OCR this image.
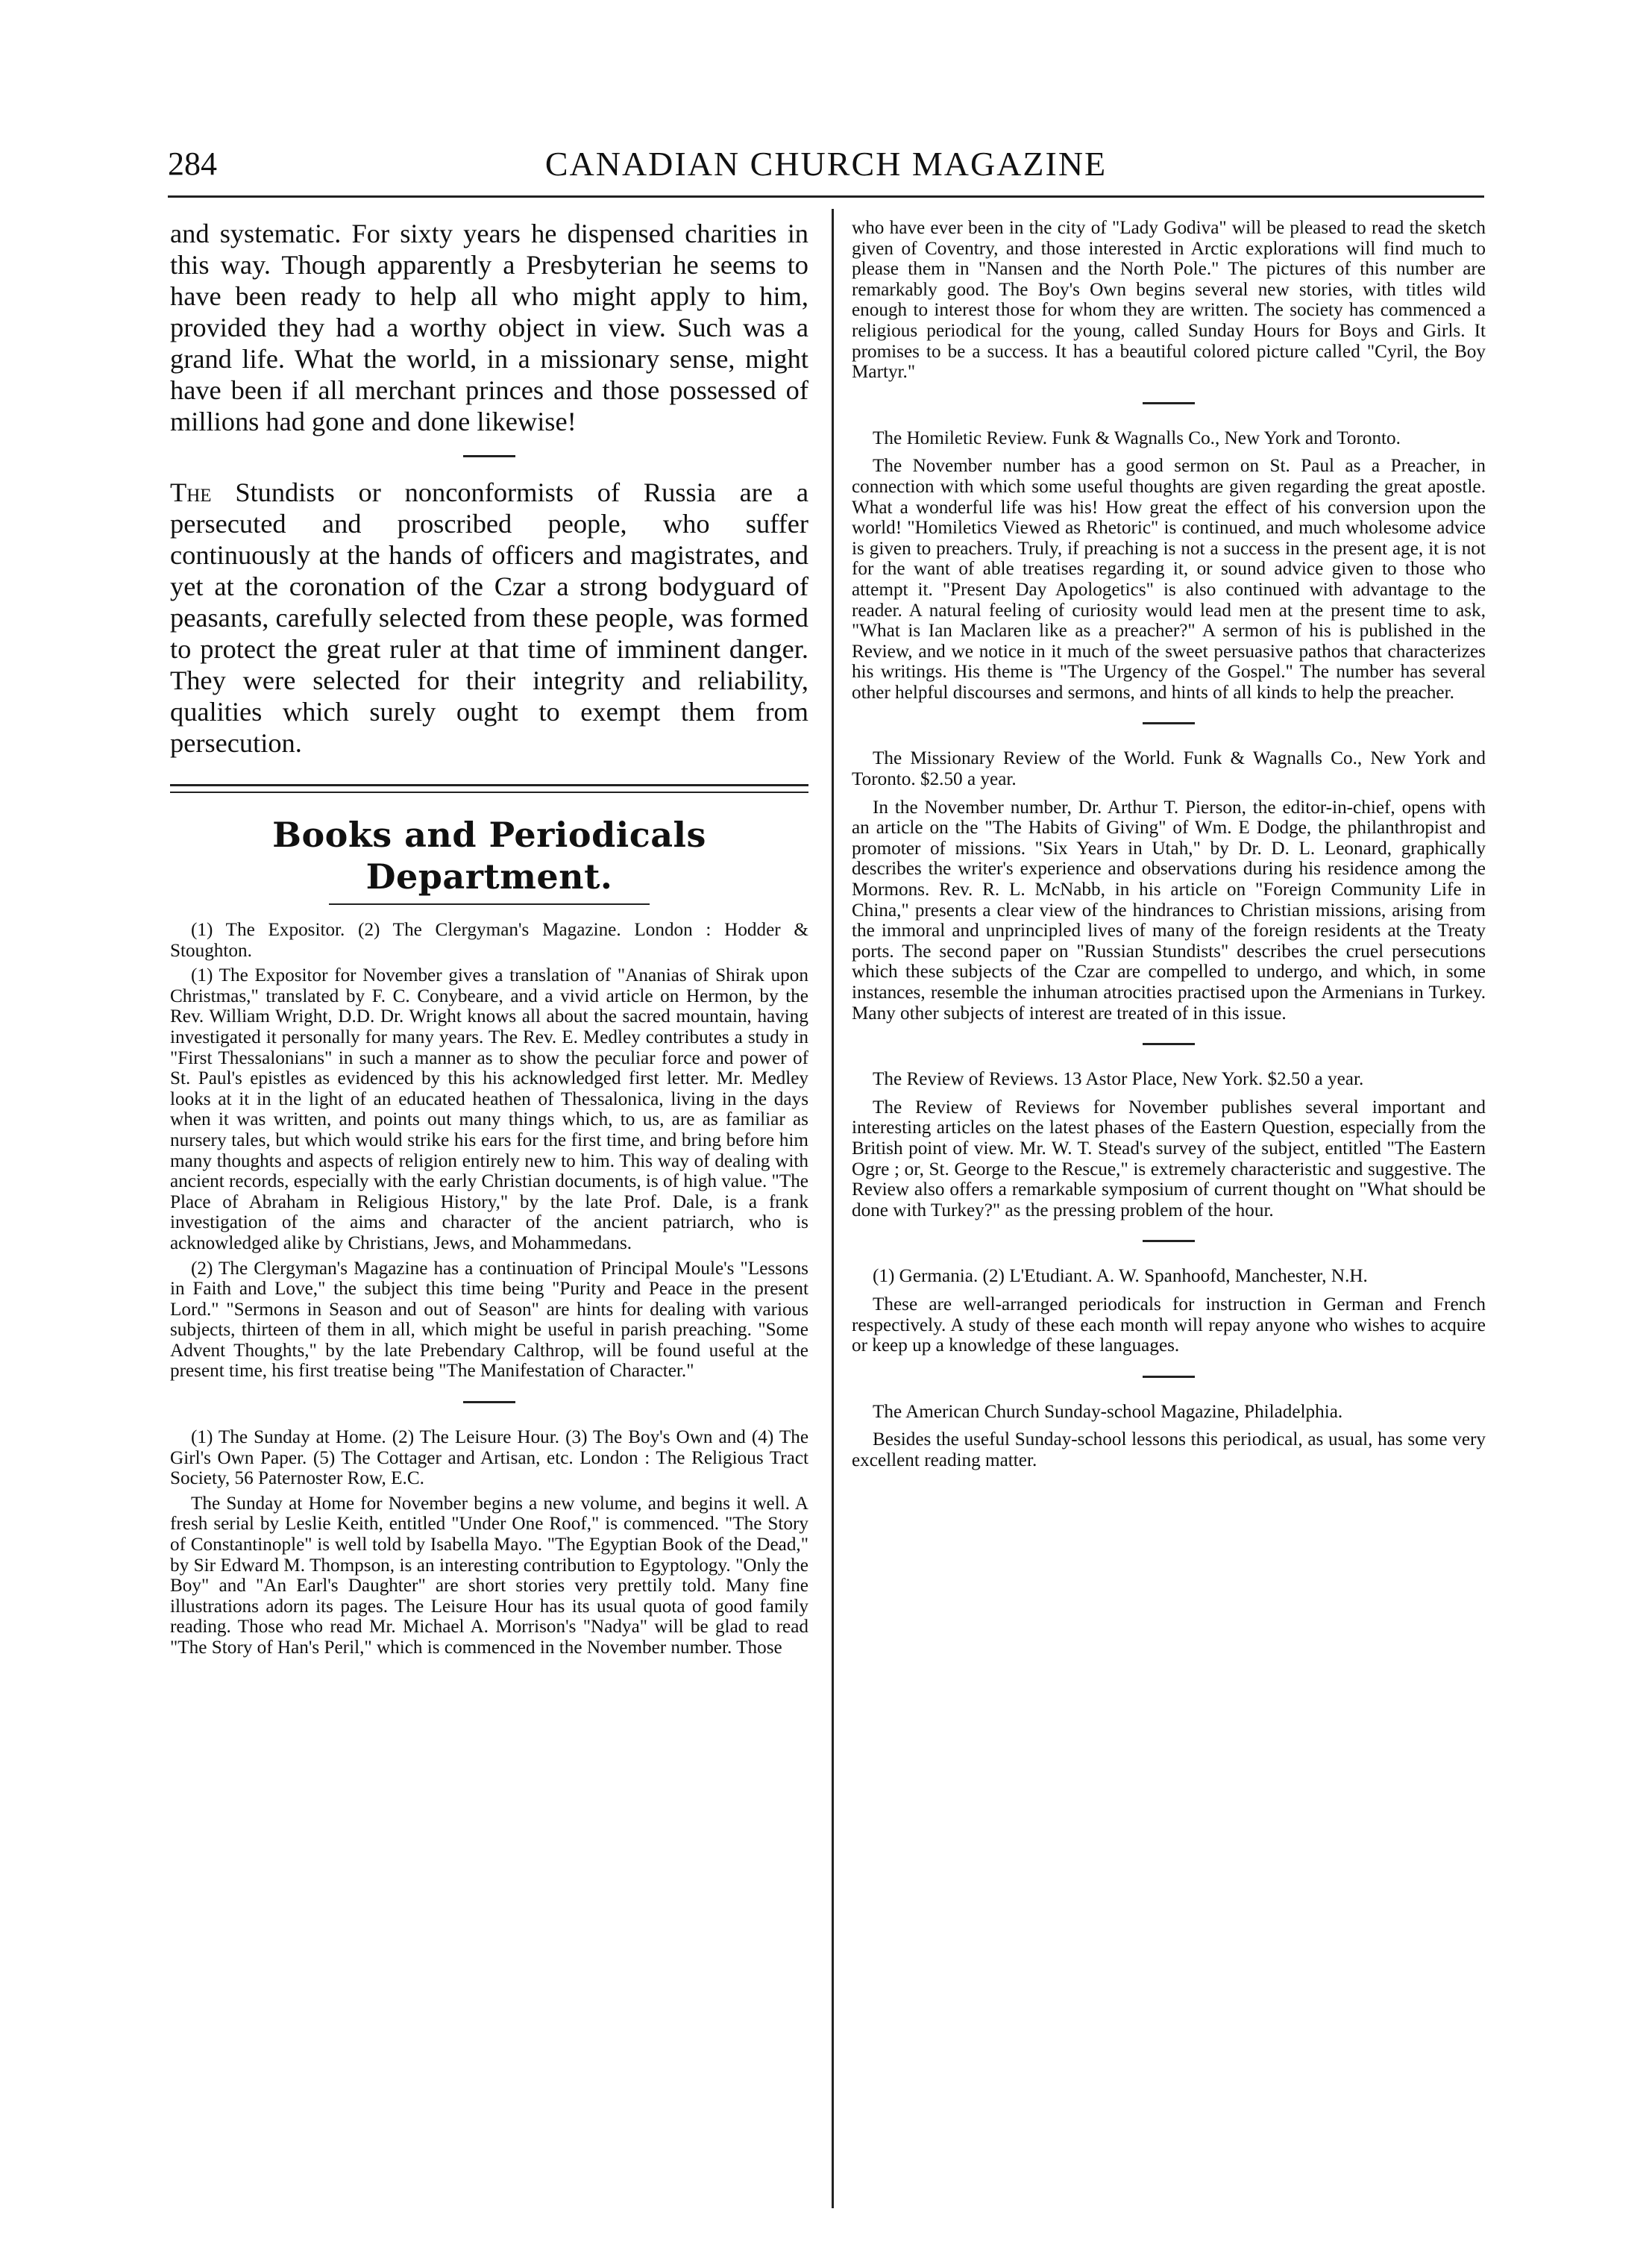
284	CANADIAN CHURCH MAGAZINE

and systematic. For sixty years he dispensed charities in this way. Though apparently a Presbyterian he seems to have been ready to help all who might apply to him, provided they had a worthy object in view. Such was a grand life. What the world, in a missionary sense, might have been if all merchant princes and those possessed of millions had gone and done likewise!

The Stundists or nonconformists of Russia are a persecuted and proscribed people, who suffer continuously at the hands of officers and magistrates, and yet at the coronation of the Czar a strong bodyguard of peasants, carefully selected from these people, was formed to protect the great ruler at that time of imminent danger. They were selected for their integrity and reliability, qualities which surely ought to exempt them from persecution.

Books and Periodicals Department.

(1) The Expositor. (2) The Clergyman's Magazine. London : Hodder & Stoughton.

(1) The Expositor for November gives a translation of "Ananias of Shirak upon Christmas," translated by F. C. Conybeare, and a vivid article on Hermon, by the Rev. William Wright, D.D. Dr. Wright knows all about the sacred mountain, having investigated it personally for many years. The Rev. E. Medley contributes a study in "First Thessalonians" in such a manner as to show the peculiar force and power of St. Paul's epistles as evidenced by this his acknowledged first letter. Mr. Medley looks at it in the light of an educated heathen of Thessalonica, living in the days when it was written, and points out many things which, to us, are as familiar as nursery tales, but which would strike his ears for the first time, and bring before him many thoughts and aspects of religion entirely new to him. This way of dealing with ancient records, especially with the early Christian documents, is of high value. "The Place of Abraham in Religious History," by the late Prof. Dale, is a frank investigation of the aims and character of the ancient patriarch, who is acknowledged alike by Christians, Jews, and Mohammedans.

(2) The Clergyman's Magazine has a continuation of Principal Moule's "Lessons in Faith and Love," the subject this time being "Purity and Peace in the present Lord." "Sermons in Season and out of Season" are hints for dealing with various subjects, thirteen of them in all, which might be useful in parish preaching. "Some Advent Thoughts," by the late Prebendary Calthrop, will be found useful at the present time, his first treatise being "The Manifestation of Character."

(1) The Sunday at Home. (2) The Leisure Hour. (3) The Boy's Own and (4) The Girl's Own Paper. (5) The Cottager and Artisan, etc. London : The Religious Tract Society, 56 Paternoster Row, E.C.

The Sunday at Home for November begins a new volume, and begins it well. A fresh serial by Leslie Keith, entitled "Under One Roof," is commenced. "The Story of Constantinople" is well told by Isabella Mayo. "The Egyptian Book of the Dead," by Sir Edward M. Thompson, is an interesting contribution to Egyptology. "Only the Boy" and "An Earl's Daughter" are short stories very prettily told. Many fine illustrations adorn its pages. The Leisure Hour has its usual quota of good family reading. Those who read Mr. Michael A. Morrison's "Nadya" will be glad to read "The Story of Han's Peril," which is commenced in the November number. Those

who have ever been in the city of "Lady Godiva" will be pleased to read the sketch given of Coventry, and those interested in Arctic explorations will find much to please them in "Nansen and the North Pole." The pictures of this number are remarkably good. The Boy's Own begins several new stories, with titles wild enough to interest those for whom they are written. The society has commenced a religious periodical for the young, called Sunday Hours for Boys and Girls. It promises to be a success. It has a beautiful colored picture called "Cyril, the Boy Martyr."

The Homiletic Review. Funk & Wagnalls Co., New York and Toronto.

The November number has a good sermon on St. Paul as a Preacher, in connection with which some useful thoughts are given regarding the great apostle. What a wonderful life was his! How great the effect of his conversion upon the world! "Homiletics Viewed as Rhetoric" is continued, and much wholesome advice is given to preachers. Truly, if preaching is not a success in the present age, it is not for the want of able treatises regarding it, or sound advice given to those who attempt it. "Present Day Apologetics" is also continued with advantage to the reader. A natural feeling of curiosity would lead men at the present time to ask, "What is Ian Maclaren like as a preacher?" A sermon of his is published in the Review, and we notice in it much of the sweet persuasive pathos that characterizes his writings. His theme is "The Urgency of the Gospel." The number has several other helpful discourses and sermons, and hints of all kinds to help the preacher.

The Missionary Review of the World. Funk & Wagnalls Co., New York and Toronto. $2.50 a year.

In the November number, Dr. Arthur T. Pierson, the editor-in-chief, opens with an article on the "The Habits of Giving" of Wm. E Dodge, the philanthropist and promoter of missions. "Six Years in Utah," by Dr. D. L. Leonard, graphically describes the writer's experience and observations during his residence among the Mormons. Rev. R. L. McNabb, in his article on "Foreign Community Life in China," presents a clear view of the hindrances to Christian missions, arising from the immoral and unprincipled lives of many of the foreign residents at the Treaty ports. The second paper on "Russian Stundists" describes the cruel persecutions which these subjects of the Czar are compelled to undergo, and which, in some instances, resemble the inhuman atrocities practised upon the Armenians in Turkey. Many other subjects of interest are treated of in this issue.

The Review of Reviews. 13 Astor Place, New York. $2.50 a year.

The Review of Reviews for November publishes several important and interesting articles on the latest phases of the Eastern Question, especially from the British point of view. Mr. W. T. Stead's survey of the subject, entitled "The Eastern Ogre ; or, St. George to the Rescue," is extremely characteristic and suggestive. The Review also offers a remarkable symposium of current thought on "What should be done with Turkey?" as the pressing problem of the hour.

(1) Germania. (2) L'Etudiant. A. W. Spanhoofd, Manchester, N.H.

These are well-arranged periodicals for instruction in German and French respectively. A study of these each month will repay anyone who wishes to acquire or keep up a knowledge of these languages.

The American Church Sunday-school Magazine, Philadelphia.

Besides the useful Sunday-school lessons this periodical, as usual, has some very excellent reading matter.
